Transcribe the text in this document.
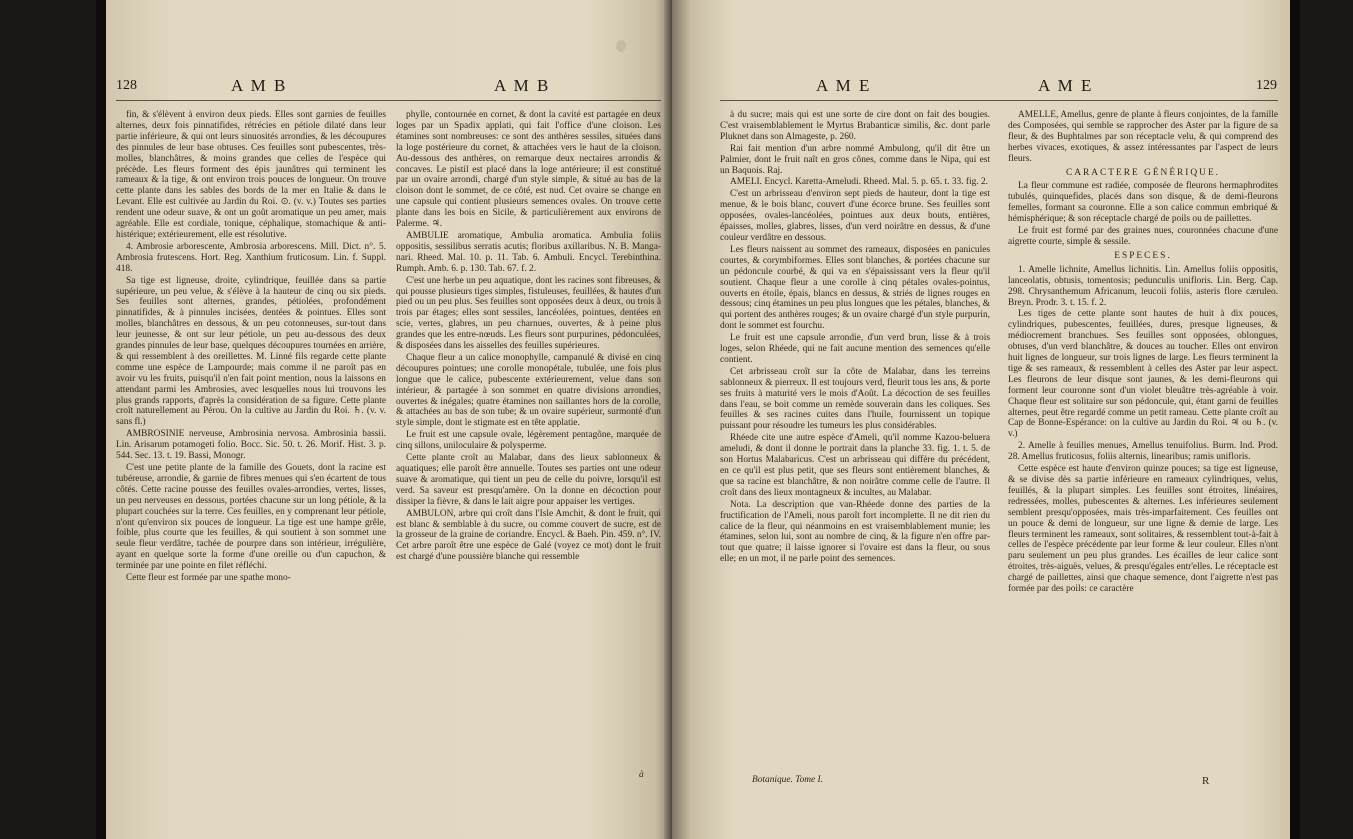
128	A M B	A M B

fin, & s'élèvent à environ deux pieds. Elles sont garnies de feuilles alternes, deux fois pinnatifides, rétrécies en pétiole dilaté dans leur partie inférieure, & qui ont leurs sinuosités arrondies, & les découpures des pinnules de leur base obtuses. Ces feuilles sont pubescentes, très-molles, blanchâtres, & moins grandes que celles de l'espèce qui précède. Les fleurs forment des épis jaunâtres qui terminent les rameaux & la tige, & ont environ trois pouces de longueur. On trouve cette plante dans les sables des bords de la mer en Italie & dans le Levant. Elle est cultivée au Jardin du Roi. ⊙. (v. v.) Toutes ses parties rendent une odeur suave, & ont un goût aromatique un peu amer, mais agréable. Elle est cordiale, tonique, céphalique, stomachique & anti-histérique; extérieurement, elle est résolutive.

4. Ambrosie arborescente, Ambrosia arborescens. Mill. Dict. n°. 5. Ambrosia frutescens. Hort. Reg. Xanthium fruticosum. Lin. f. Suppl. 418.

Sa tige est ligneuse, droite, cylindrique, feuillée dans sa partie supérieure, un peu velue, & s'élève à la hauteur de cinq ou six pieds. Ses feuilles sont alternes, grandes, pétiolées, profondément pinnatifides, & à pinnules incisées, dentées & pointues. Elles sont molles, blanchâtres en dessous, & un peu cotonneuses, sur-tout dans leur jeunesse, & ont sur leur pétiole, un peu au-dessous des deux grandes pinnules de leur base, quelques découpures tournées en arrière, & qui ressemblent à des oreillettes. M. Linné fils regarde cette plante comme une espèce de Lampourde; mais comme il ne paroît pas en avoir vu les fruits, puisqu'il n'en fait point mention, nous la laissons en attendant parmi les Ambrosies, avec lesquelles nous lui trouvons les plus grands rapports, d'après la considération de sa figure. Cette plante croît naturellement au Pérou. On la cultive au Jardin du Roi. ♄. (v. v. sans fl.)

AMBROSINIE nerveuse, Ambrosinia nervosa. Ambrosinia bassii. Lin. Arisarum potamogeti folio. Bocc. Sic. 50. t. 26. Morif. Hist. 3. p. 544. Sec. 13. t. 19. Bassi, Monogr.

C'est une petite plante de la famille des Gouets, dont la racine est tubéreuse, arrondie, & garnie de fibres menues qui s'en écartent de tous côtés. Cette racine pousse des feuilles ovales-arrondies, vertes, lisses, un peu nerveuses en dessous, portées chacune sur un long pétiole, & la plupart couchées sur la terre. Ces feuilles, en y comprenant leur pétiole, n'ont qu'environ six pouces de longueur. La tige est une hampe grêle, foible, plus courte que les feuilles, & qui soutient à son sommet une seule fleur verdâtre, tachée de pourpre dans son intérieur, irrégulière, ayant en quelque sorte la forme d'une oreille ou d'un capuchon, & terminée par une pointe en filet réfléchi.

Cette fleur est formée par une spathe mono-

phylle, contournée en cornet, & dont la cavité est partagée en deux loges par un Spadix applati, qui fait l'office d'une cloison. Les étamines sont nombreuses: ce sont des anthères sessiles, situées dans la loge postérieure du cornet, & attachées vers le haut de la cloison. Au-dessous des anthères, on remarque deux nectaires arrondis & concaves. Le pistil est placé dans la loge antérieure; il est constitué par un ovaire arrondi, chargé d'un style simple, & situé au bas de la cloison dont le sommet, de ce côté, est nud. Cet ovaire se change en une capsule qui contient plusieurs semences ovales. On trouve cette plante dans les bois en Sicile, & particulièrement aux environs de Palerme. ♃.

AMBULIE aromatique, Ambulia aromatica. Ambulia foliis oppositis, sessilibus serratis acutis; floribus axillaribus. N. B. Manga-nari. Rheed. Mal. 10. p. 11. Tab. 6. Ambuli. Encycl. Terebinthina. Rumph. Amb. 6. p. 130. Tab. 67. f. 2.

C'est une herbe un peu aquatique, dont les racines sont fibreuses, & qui pousse plusieurs tiges simples, fistuleuses, feuillées, & hautes d'un pied ou un peu plus. Ses feuilles sont opposées deux à deux, ou trois à trois par étages; elles sont sessiles, lancéolées, pointues, dentées en scie, vertes, glabres, un peu charnues, ouvertes, & à peine plus grandes que les entre-nœuds. Les fleurs sont purpurines, pédonculées, & disposées dans les aisselles des feuilles supérieures.

Chaque fleur a un calice monophylle, campanulé & divisé en cinq découpures pointues; une corolle monopétale, tubulée, une fois plus longue que le calice, pubescente extérieurement, velue dans son intérieur, & partagée à son sommet en quatre divisions arrondies, ouvertes & inégales; quatre étamines non saillantes hors de la corolle, & attachées au bas de son tube; & un ovaire supérieur, surmonté d'un style simple, dont le stigmate est en tête applatie.

Le fruit est une capsule ovale, légèrement pentagône, marquée de cinq sillons, uniloculaire & polysperme.

Cette plante croît au Malabar, dans des lieux sablonneux & aquatiques; elle paroît être annuelle. Toutes ses parties ont une odeur suave & aromatique, qui tient un peu de celle du poivre, lorsqu'il est verd. Sa saveur est presqu'amère. On la donne en décoction pour dissiper la fièvre, & dans le lait aigre pour appaiser les vertiges.

AMBULON, arbre qui croît dans l'Isle Amchit, & dont le fruit, qui est blanc & semblable à du sucre, ou comme couvert de sucre, est de la grosseur de la graine de coriandre. Encycl. & Baeh. Pin. 459. n°. IV. Cet arbre paroît être une espèce de Galé (voyez ce mot) dont le fruit est chargé d'une poussière blanche qui ressemble

à
A M E	A M E	129

à du sucre; mais qui est une sorte de cire dont on fait des bougies. C'est vraisemblablement le Myrtus Brabanticæ similis, &c. dont parle Pluknet dans son Almageste, p. 260.

Rai fait mention d'un arbre nommé Ambulong, qu'il dit être un Palmier, dont le fruit naît en gros cônes, comme dans le Nipa, qui est un Baquois. Raj.

AMELI. Encycl. Karetta-Ameludi. Rheed. Mal. 5. p. 65. t. 33. fig. 2.

C'est un arbrisseau d'environ sept pieds de hauteur, dont la tige est menue, & le bois blanc, couvert d'une écorce brune. Ses feuilles sont opposées, ovales-lancéolées, pointues aux deux bouts, entières, épaisses, molles, glabres, lisses, d'un verd noirâtre en dessus, & d'une couleur verdâtre en dessous.

Les fleurs naissent au sommet des rameaux, disposées en panicules courtes, & corymbiformes. Elles sont blanches, & portées chacune sur un pédoncule courbé, & qui va en s'épaississant vers la fleur qu'il soutient. Chaque fleur a une corolle à cinq pétales ovales-pointus, ouverts en étoile, épais, blancs en dessus, & striés de lignes rouges en dessous; cinq étamines un peu plus longues que les pétales, blanches, & qui portent des anthères rouges; & un ovaire chargé d'un style purpurin, dont le sommet est fourchu.

Le fruit est une capsule arrondie, d'un verd brun, lisse & à trois loges, selon Rhéede, qui ne fait aucune mention des semences qu'elle contient.

Cet arbrisseau croît sur la côte de Malabar, dans les terreins sablonneux & pierreux. Il est toujours verd, fleurit tous les ans, & porte ses fruits à maturité vers le mois d'Août. La décoction de ses feuilles dans l'eau, se boit comme un remède souverain dans les coliques. Ses feuilles & ses racines cuites dans l'huile, fournissent un topique puissant pour résoudre les tumeurs les plus considérables.

Rhéede cite une autre espèce d'Ameli, qu'il nomme Kazou-beluera ameludi, & dont il donne le portrait dans la planche 33. fig. 1. t. 5. de son Hortus Malabaricus. C'est un arbrisseau qui diffère du précédent, en ce qu'il est plus petit, que ses fleurs sont entièrement blanches, & que sa racine est blanchâtre, & non noirâtre comme celle de l'autre. Il croît dans des lieux montagneux & incultes, au Malabar.

Nota. La description que van-Rhéede donne des parties de la fructification de l'Ameli, nous paroît fort incomplette. Il ne dit rien du calice de la fleur, qui néanmoins en est vraisemblablement munie; les étamines, selon lui, sont au nombre de cinq, & la figure n'en offre par-tout que quatre; il laisse ignorer si l'ovaire est dans la fleur, ou sous elle; en un mot, il ne parle point des semences.

AMELLE, Amellus, genre de plante à fleurs conjointes, de la famille des Composées, qui semble se rapprocher des Aster par la figure de sa fleur, & des Buphtalmes par son réceptacle velu, & qui comprend des herbes vivaces, exotiques, & assez intéressantes par l'aspect de leurs fleurs.

CARACTERE GÉNÉRIQUE.

La fleur commune est radiée, composée de fleurons hermaphrodites tubulés, quinquefides, placés dans son disque, & de demi-fleurons femelles, formant sa couronne. Elle a son calice commun embriqué & hémisphérique; & son réceptacle chargé de poils ou de paillettes.

Le fruit est formé par des graines nues, couronnées chacune d'une aigrette courte, simple & sessile.

ESPECES.

1. Amelle lichnite, Amellus lichnitis. Lin. Amellus foliis oppositis, lanceolatis, obtusis, tomentosis; pedunculis unifloris. Lin. Berg. Cap. 298. Chrysanthemum Africanum, leucoii foliis, asteris flore cæruleo. Breyn. Prodr. 3. t. 15. f. 2.

Les tiges de cette plante sont hautes de huit à dix pouces, cylindriques, pubescentes, feuillées, dures, presque ligneuses, & médiocrement branchues. Ses feuilles sont opposées, oblongues, obtuses, d'un verd blanchâtre, & douces au toucher. Elles ont environ huit lignes de longueur, sur trois lignes de large. Les fleurs terminent la tige & ses rameaux, & ressemblent à celles des Aster par leur aspect. Les fleurons de leur disque sont jaunes, & les demi-fleurons qui forment leur couronne sont d'un violet bleuâtre très-agréable à voir. Chaque fleur est solitaire sur son pédoncule, qui, étant garni de feuilles alternes, peut être regardé comme un petit rameau. Cette plante croît au Cap de Bonne-Espérance: on la cultive au Jardin du Roi. ♃ ou ♄. (v. v.)

2. Amelle à feuilles menues, Amellus tenuifolius. Burm. Ind. Prod. 28. Amellus fruticosus, foliis alternis, linearibus; ramis unifloris.

Cette espèce est haute d'environ quinze pouces; sa tige est ligneuse, & se divise dès sa partie inférieure en rameaux cylindriques, velus, feuillés, & la plupart simples. Les feuilles sont étroites, linéaires, redressées, molles, pubescentes & alternes. Les inférieures seulement semblent presqu'opposées, mais très-imparfaitement. Ces feuilles ont un pouce & demi de longueur, sur une ligne & demie de large. Les fleurs terminent les rameaux, sont solitaires, & ressemblent tout-à-fait à celles de l'espèce précédente par leur forme & leur couleur. Elles n'ont paru seulement un peu plus grandes. Les écailles de leur calice sont étroites, très-aiguës, velues, & presqu'égales entr'elles. Le réceptacle est chargé de paillettes, ainsi que chaque semence, dont l'aigrette n'est pas formée par des poils: ce caractère

Botanique. Tome I.	R
